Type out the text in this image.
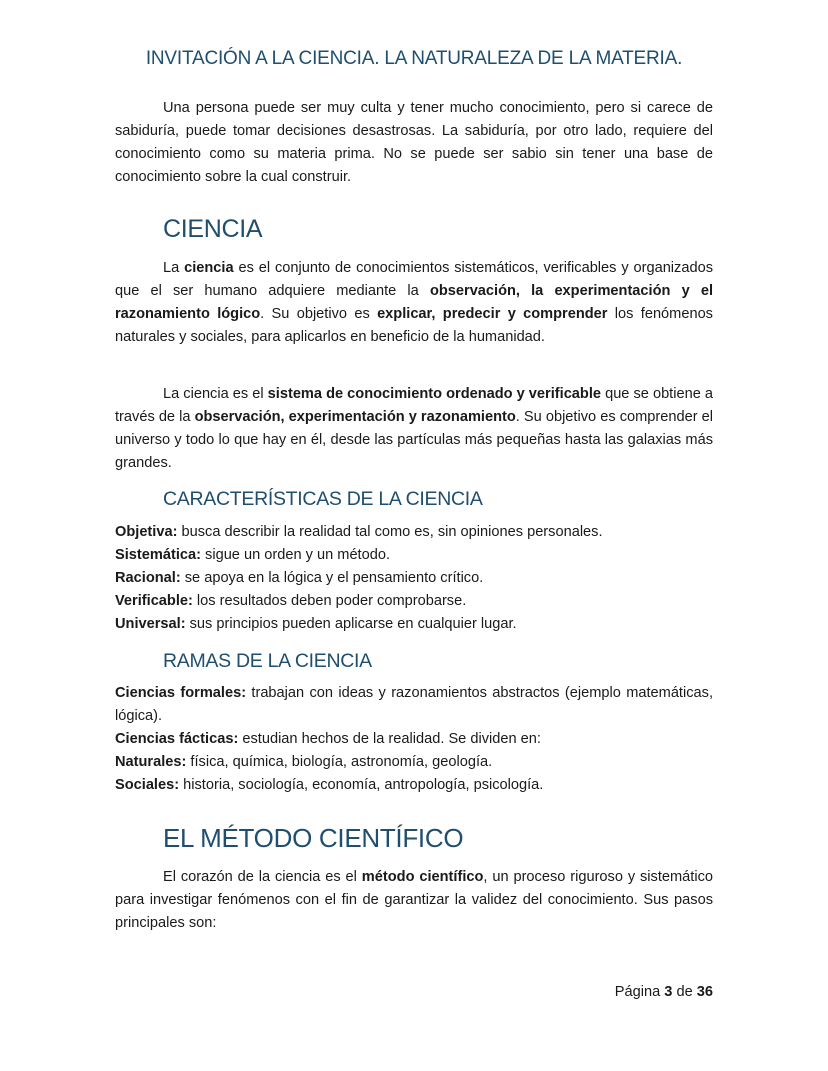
INVITACIÓN A LA CIENCIA. LA NATURALEZA DE LA MATERIA.

Una persona puede ser muy culta y tener mucho conocimiento, pero si carece de sabiduría, puede tomar decisiones desastrosas. La sabiduría, por otro lado, requiere del conocimiento como su materia prima. No se puede ser sabio sin tener una base de conocimiento sobre la cual construir.

CIENCIA

La ciencia es el conjunto de conocimientos sistemáticos, verificables y organizados que el ser humano adquiere mediante la observación, la experimentación y el razonamiento lógico. Su objetivo es explicar, predecir y comprender los fenómenos naturales y sociales, para aplicarlos en beneficio de la humanidad.

La ciencia es el sistema de conocimiento ordenado y verificable que se obtiene a través de la observación, experimentación y razonamiento. Su objetivo es comprender el universo y todo lo que hay en él, desde las partículas más pequeñas hasta las galaxias más grandes.

CARACTERÍSTICAS DE LA CIENCIA
Objetiva: busca describir la realidad tal como es, sin opiniones personales.
Sistemática: sigue un orden y un método.
Racional: se apoya en la lógica y el pensamiento crítico.
Verificable: los resultados deben poder comprobarse.
Universal: sus principios pueden aplicarse en cualquier lugar.
RAMAS DE LA CIENCIA
Ciencias formales: trabajan con ideas y razonamientos abstractos (ejemplo matemáticas, lógica).
Ciencias fácticas: estudian hechos de la realidad. Se dividen en:
Naturales: física, química, biología, astronomía, geología.
Sociales: historia, sociología, economía, antropología, psicología.
EL MÉTODO CIENTÍFICO

El corazón de la ciencia es el método científico, un proceso riguroso y sistemático para investigar fenómenos con el fin de garantizar la validez del conocimiento. Sus pasos principales son:

Página 3 de 36
